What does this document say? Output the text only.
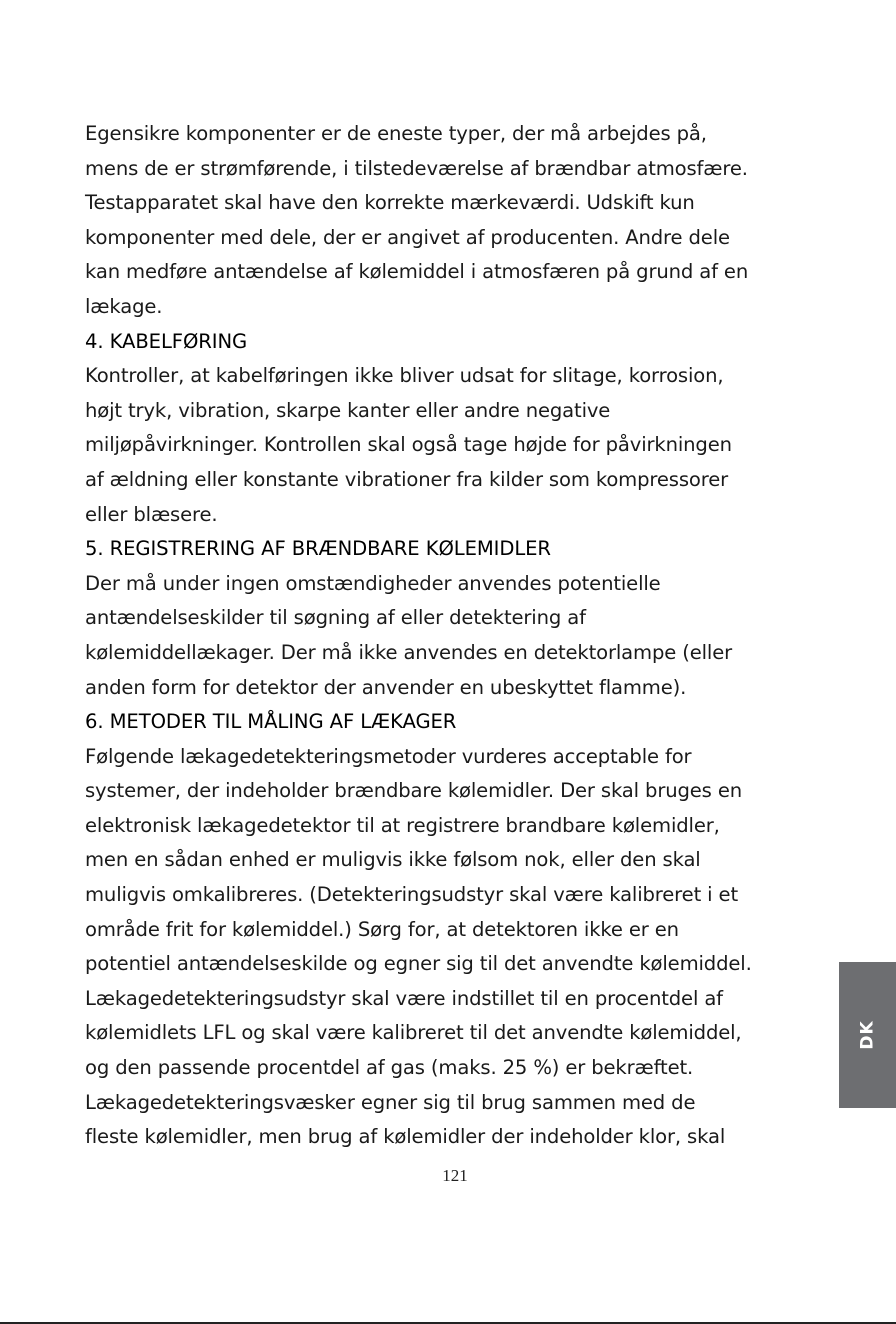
Egensikre komponenter er de eneste typer, der må arbejdes på,
mens de er strømførende, i tilstedeværelse af brændbar atmosfære.
Testapparatet skal have den korrekte mærkeværdi. Udskift kun
komponenter med dele, der er angivet af producenten. Andre dele
kan medføre antændelse af kølemiddel i atmosfæren på grund af en
lækage.
4. KABELFØRING
Kontroller, at kabelføringen ikke bliver udsat for slitage, korrosion,
højt tryk, vibration, skarpe kanter eller andre negative
miljøpåvirkninger. Kontrollen skal også tage højde for påvirkningen
af ældning eller konstante vibrationer fra kilder som kompressorer
eller blæsere.
5. REGISTRERING AF BRÆNDBARE KØLEMIDLER
Der må under ingen omstændigheder anvendes potentielle
antændelseskilder til søgning af eller detektering af
kølemiddellækager. Der må ikke anvendes en detektorlampe (eller
anden form for detektor der anvender en ubeskyttet flamme).
6. METODER TIL MÅLING AF LÆKAGER
Følgende lækagedetekteringsmetoder vurderes acceptable for
systemer, der indeholder brændbare kølemidler. Der skal bruges en
elektronisk lækagedetektor til at registrere brandbare kølemidler,
men en sådan enhed er muligvis ikke følsom nok, eller den skal
muligvis omkalibreres. (Detekteringsudstyr skal være kalibreret i et
område frit for kølemiddel.) Sørg for, at detektoren ikke er en
potentiel antændelseskilde og egner sig til det anvendte kølemiddel.
Lækagedetekteringsudstyr skal være indstillet til en procentdel af
kølemidlets LFL og skal være kalibreret til det anvendte kølemiddel,
og den passende procentdel af gas (maks. 25 %) er bekræftet.
Lækagedetekteringsvæsker egner sig til brug sammen med de
fleste kølemidler, men brug af kølemidler der indeholder klor, skal
121
DK
